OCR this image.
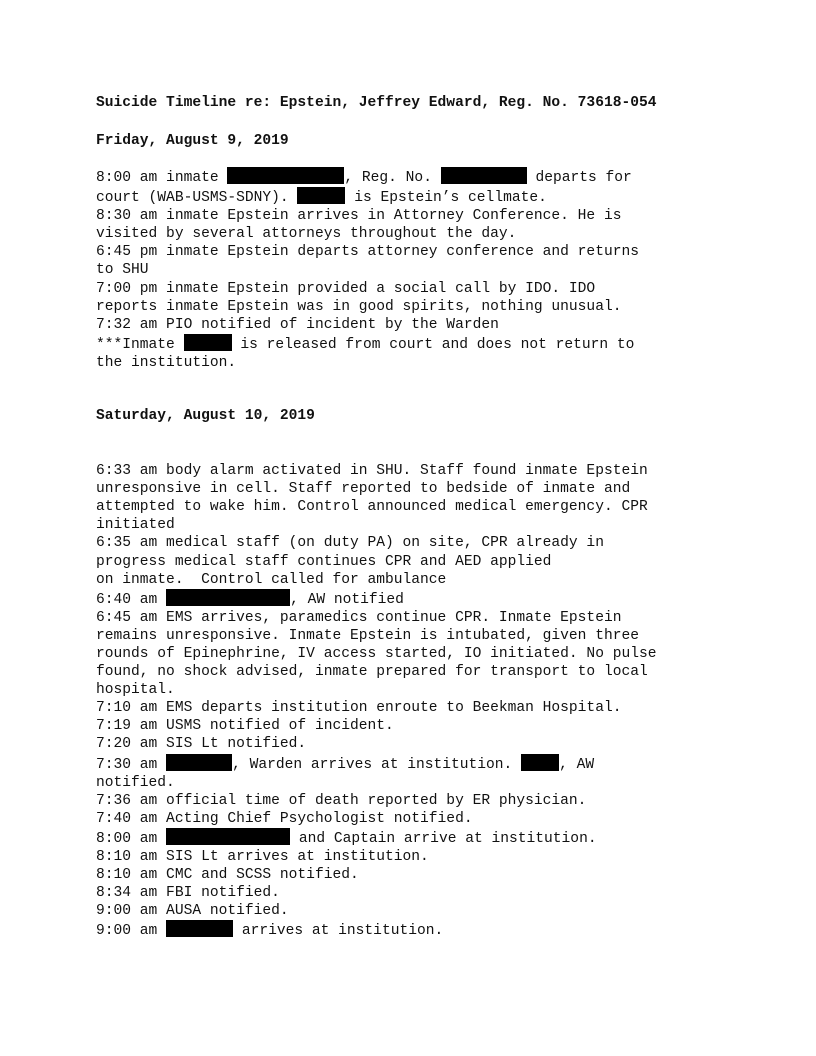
Suicide Timeline re: Epstein, Jeffrey Edward, Reg. No. 73618-054

Friday, August 9, 2019

8:00 am inmate	, Reg. No.	departs for

court (WAB-USMS-SDNY).	is Epstein’s cellmate.

8:30 am inmate Epstein arrives in Attorney Conference. He is

visited by several attorneys throughout the day.

6:45 pm inmate Epstein departs attorney conference and returns

to SHU

7:00 pm inmate Epstein provided a social call by IDO. IDO

reports inmate Epstein was in good spirits, nothing unusual.

7:32 am PIO notified of incident by the Warden

***Inmate	is released from court and does not return to

the institution.

Saturday, August 10, 2019

6:33 am body alarm activated in SHU. Staff found inmate Epstein

unresponsive in cell. Staff reported to bedside of inmate and

attempted to wake him. Control announced medical emergency. CPR

initiated

6:35 am medical staff (on duty PA) on site, CPR already in

progress medical staff continues CPR and AED applied

on inmate.  Control called for ambulance

6:40 am	, AW notified

6:45 am EMS arrives, paramedics continue CPR. Inmate Epstein

remains unresponsive. Inmate Epstein is intubated, given three

rounds of Epinephrine, IV access started, IO initiated. No pulse

found, no shock advised, inmate prepared for transport to local

hospital.

7:10 am EMS departs institution enroute to Beekman Hospital.

7:19 am USMS notified of incident.

7:20 am SIS Lt notified.

7:30 am	, Warden arrives at institution.	, AW

notified.

7:36 am official time of death reported by ER physician.

7:40 am Acting Chief Psychologist notified.

8:00 am	and Captain arrive at institution.

8:10 am SIS Lt arrives at institution.

8:10 am CMC and SCSS notified.

8:34 am FBI notified.

9:00 am AUSA notified.

9:00 am	arrives at institution.
